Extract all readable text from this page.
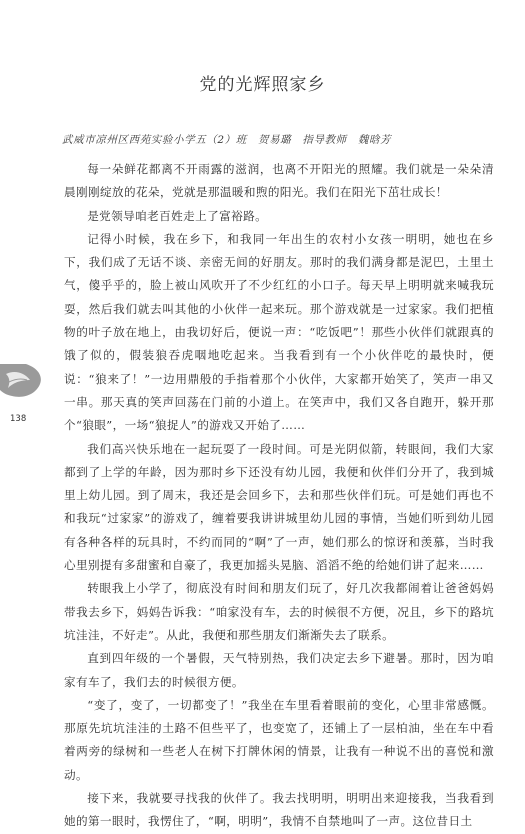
党的光辉照家乡
武威市凉州区西苑实验小学五（2）班　贺易璐　指导教师　魏晗芳

每一朵鲜花都离不开雨露的滋润，也离不开阳光的照耀。我们就是一朵朵清晨刚刚绽放的花朵，党就是那温暖和煦的阳光。我们在阳光下茁壮成长！

是党领导咱老百姓走上了富裕路。

记得小时候，我在乡下，和我同一年出生的农村小女孩一明明，她也在乡下，我们成了无话不谈、亲密无间的好朋友。那时的我们满身都是泥巴，土里土气，傻乎乎的，脸上被山风吹开了不少红红的小口子。每天早上明明就来喊我玩耍，然后我们就去叫其他的小伙伴一起来玩。那个游戏就是一过家家。我们把植物的叶子放在地上，由我切好后，便说一声：“吃饭吧”！那些小伙伴们就跟真的饿了似的，假装狼吞虎咽地吃起来。当我看到有一个小伙伴吃的最快时，便说：“狼来了！”一边用鼎般的手指着那个小伙伴，大家都开始笑了，笑声一串又一串。那天真的笑声回荡在门前的小道上。在笑声中，我们又各自跑开，躲开那个“狼眼”，一场“狼捉人”的游戏又开始了……

我们高兴快乐地在一起玩耍了一段时间。可是光阴似箭，转眼间，我们大家都到了上学的年龄，因为那时乡下还没有幼儿园，我便和伙伴们分开了，我到城里上幼儿园。到了周末，我还是会回乡下，去和那些伙伴们玩。可是她们再也不和我玩“过家家”的游戏了，缠着要我讲讲城里幼儿园的事情，当她们听到幼儿园有各种各样的玩具时，不约而同的“啊”了一声，她们那么的惊讶和羡慕，当时我心里别提有多甜蜜和自豪了，我更加摇头晃脑、滔滔不绝的给她们讲了起来……

转眼我上小学了，彻底没有时间和朋友们玩了，好几次我都闹着让爸爸妈妈带我去乡下，妈妈告诉我：“咱家没有车，去的时候很不方便，况且，乡下的路坑坑洼洼，不好走”。从此，我便和那些朋友们渐渐失去了联系。

直到四年级的一个暑假，天气特别热，我们决定去乡下避暑。那时，因为咱家有车了，我们去的时候很方便。

“变了，变了，一切都变了！”我坐在车里看着眼前的变化，心里非常感慨。那原先坑坑洼洼的土路不但些平了，也变宽了，还铺上了一层柏油，坐在车中看着两旁的绿树和一些老人在树下打牌休闲的情景，让我有一种说不出的喜悦和激动。

接下来，我就要寻找我的伙伴了。我去找明明，明明出来迎接我，当我看到她的第一眼时，我愣住了，“啊，明明”，我情不自禁地叫了一声。这位昔日土

138
